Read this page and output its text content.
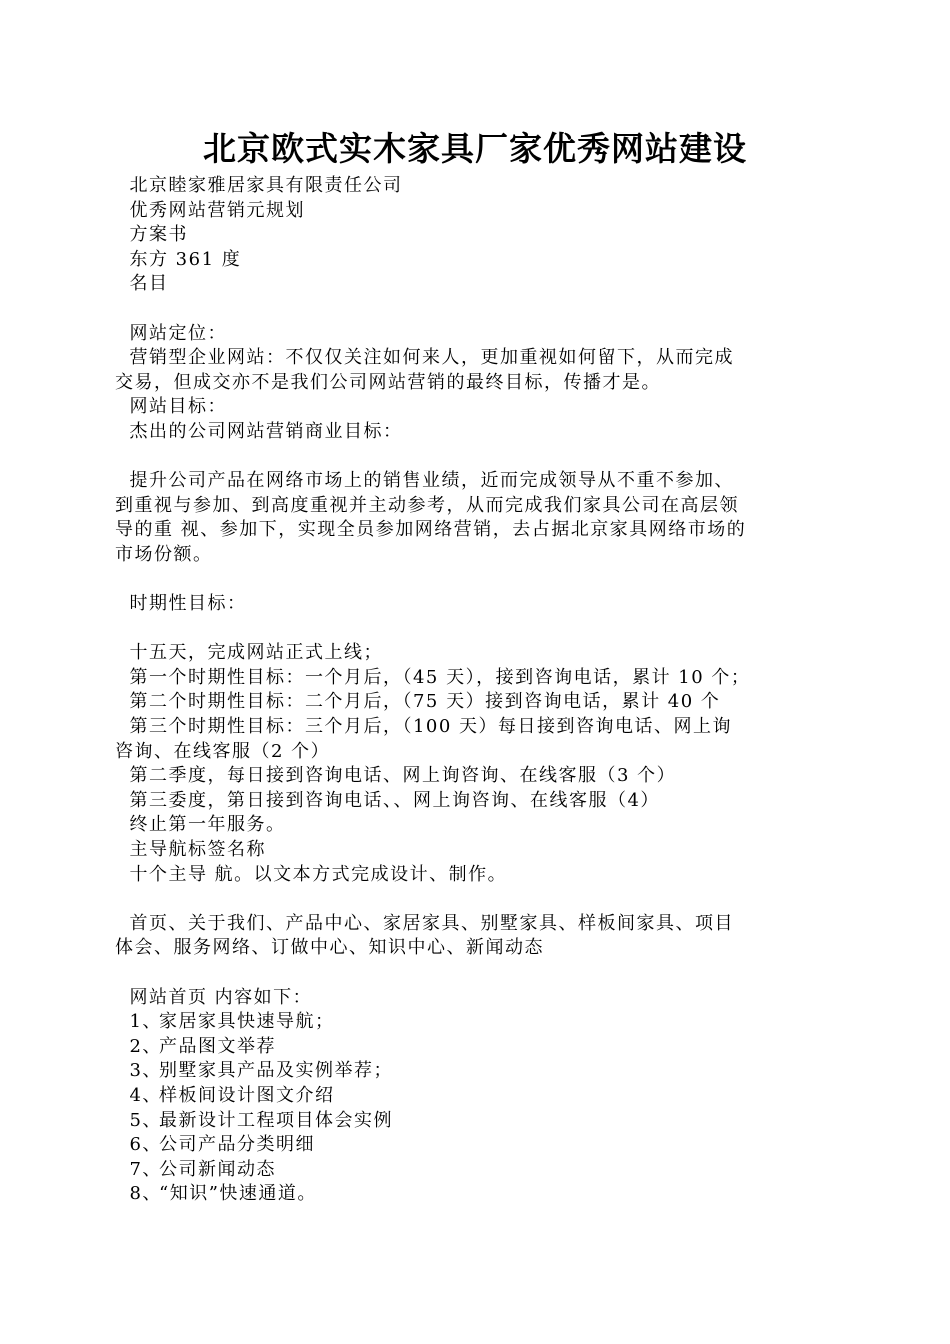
北京欧式实木家具厂家优秀网站建设
北京睦家雅居家具有限责任公司
优秀网站营销元规划
方案书
东方 361 度
名目
网站定位：
营销型企业网站：不仅仅关注如何来人，更加重视如何留下，从而完成
交易，但成交亦不是我们公司网站营销的最终目标，传播才是。
网站目标：
杰出的公司网站营销商业目标：
提升公司产品在网络市场上的销售业绩，近而完成领导从不重不参加、
到重视与参加、到高度重视并主动参考，从而完成我们家具公司在高层领
导的重 视、参加下，实现全员参加网络营销，去占据北京家具网络市场的
市场份额。
时期性目标：
十五天，完成网站正式上线；
第一个时期性目标：一个月后，（45 天），接到咨询电话，累计 10 个；
第二个时期性目标：二个月后，（75 天）接到咨询电话，累计 40 个
第三个时期性目标：三个月后，（100 天）每日接到咨询电话、网上询
咨询、在线客服（2 个）
第二季度，每日接到咨询电话、网上询咨询、在线客服（3 个）
第三委度，第日接到咨询电话、、网上询咨询、在线客服（4）
终止第一年服务。
主导航标签名称
十个主导 航。以文本方式完成设计、制作。
首页、关于我们、产品中心、家居家具、别墅家具、样板间家具、项目
体会、服务网络、订做中心、知识中心、新闻动态
网站首页 内容如下：
1、家居家具快速导航；
2、产品图文举荐
3、别墅家具产品及实例举荐；
4、样板间设计图文介绍
5、最新设计工程项目体会实例
6、公司产品分类明细
7、公司新闻动态
8、“知识”快速通道。
